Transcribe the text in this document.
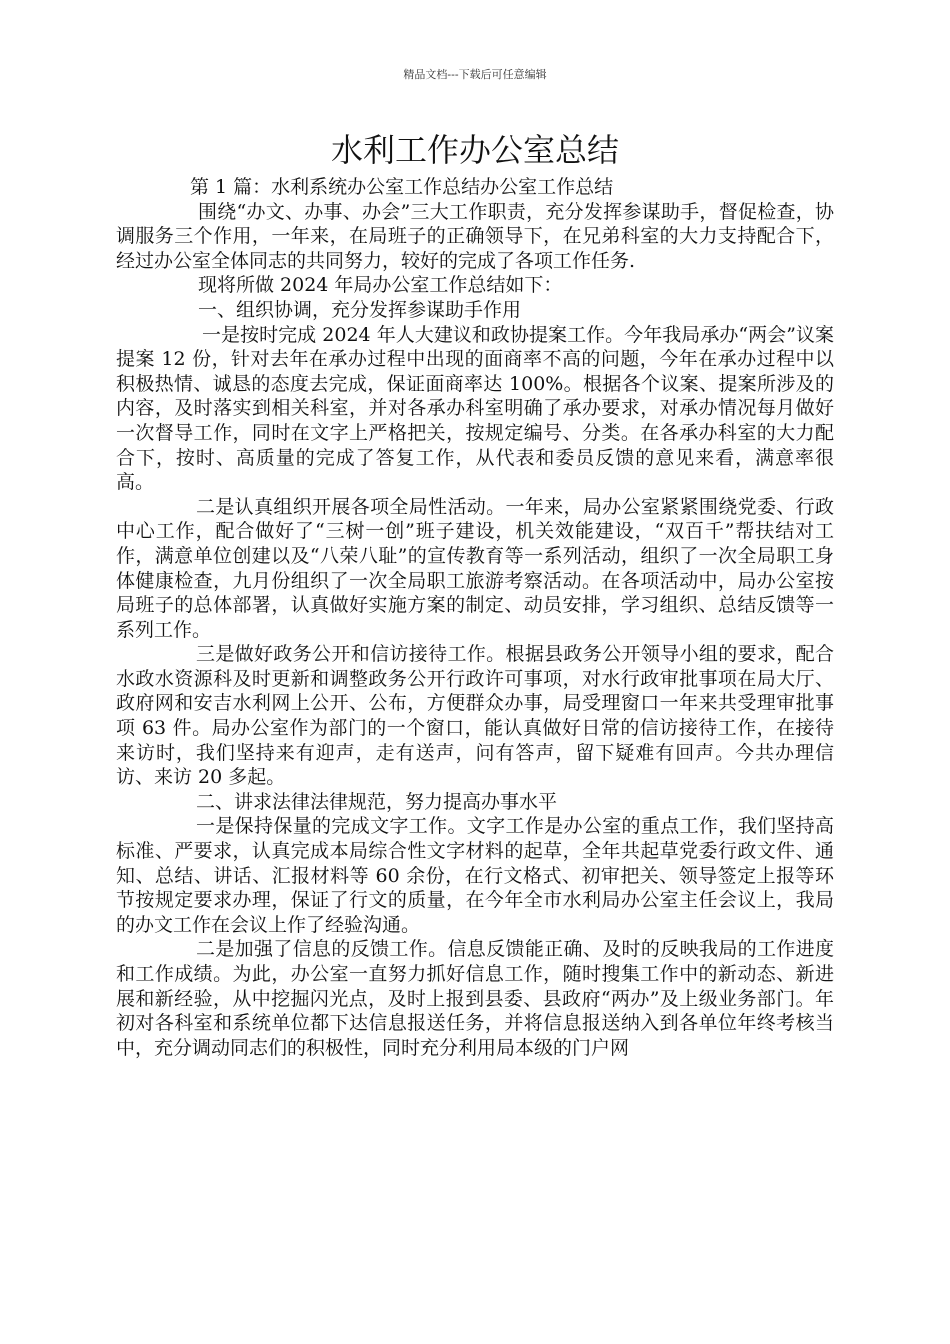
精品文档---下载后可任意编辑
水利工作办公室总结

第 1 篇：水利系统办公室工作总结办公室工作总结

围绕“办文、办事、办会”三大工作职责，充分发挥参谋助手，督促检查，协调服务三个作用，一年来，在局班子的正确领导下，在兄弟科室的大力支持配合下，经过办公室全体同志的共同努力，较好的完成了各项工作任务.

现将所做 2024 年局办公室工作总结如下：

一、组织协调，充分发挥参谋助手作用

一是按时完成 2024 年人大建议和政协提案工作。今年我局承办“两会”议案提案 12 份，针对去年在承办过程中出现的面商率不高的问题，今年在承办过程中以积极热情、诚恳的态度去完成，保证面商率达 100%。根据各个议案、提案所涉及的内容，及时落实到相关科室，并对各承办科室明确了承办要求，对承办情况每月做好一次督导工作，同时在文字上严格把关，按规定编号、分类。在各承办科室的大力配合下，按时、高质量的完成了答复工作，从代表和委员反馈的意见来看，满意率很高。

二是认真组织开展各项全局性活动。一年来，局办公室紧紧围绕党委、行政中心工作，配合做好了“三树一创”班子建设，机关效能建设，“双百千”帮扶结对工作，满意单位创建以及“八荣八耻”的宣传教育等一系列活动，组织了一次全局职工身体健康检查，九月份组织了一次全局职工旅游考察活动。在各项活动中，局办公室按局班子的总体部署，认真做好实施方案的制定、动员安排，学习组织、总结反馈等一系列工作。

三是做好政务公开和信访接待工作。根据县政务公开领导小组的要求，配合水政水资源科及时更新和调整政务公开行政许可事项，对水行政审批事项在局大厅、政府网和安吉水利网上公开、公布，方便群众办事，局受理窗口一年来共受理审批事项 63 件。局办公室作为部门的一个窗口，能认真做好日常的信访接待工作，在接待来访时，我们坚持来有迎声，走有送声，问有答声，留下疑难有回声。今共办理信访、来访 20 多起。

二、讲求法律法律规范，努力提高办事水平

一是保持保量的完成文字工作。文字工作是办公室的重点工作，我们坚持高标准、严要求，认真完成本局综合性文字材料的起草，全年共起草党委行政文件、通知、总结、讲话、汇报材料等 60 余份，在行文格式、初审把关、领导签定上报等环节按规定要求办理，保证了行文的质量，在今年全市水利局办公室主任会议上，我局的办文工作在会议上作了经验沟通。

二是加强了信息的反馈工作。信息反馈能正确、及时的反映我局的工作进度和工作成绩。为此，办公室一直努力抓好信息工作，随时搜集工作中的新动态、新进展和新经验，从中挖掘闪光点，及时上报到县委、县政府“两办”及上级业务部门。年初对各科室和系统单位都下达信息报送任务，并将信息报送纳入到各单位年终考核当中，充分调动同志们的积极性，同时充分利用局本级的门户网
